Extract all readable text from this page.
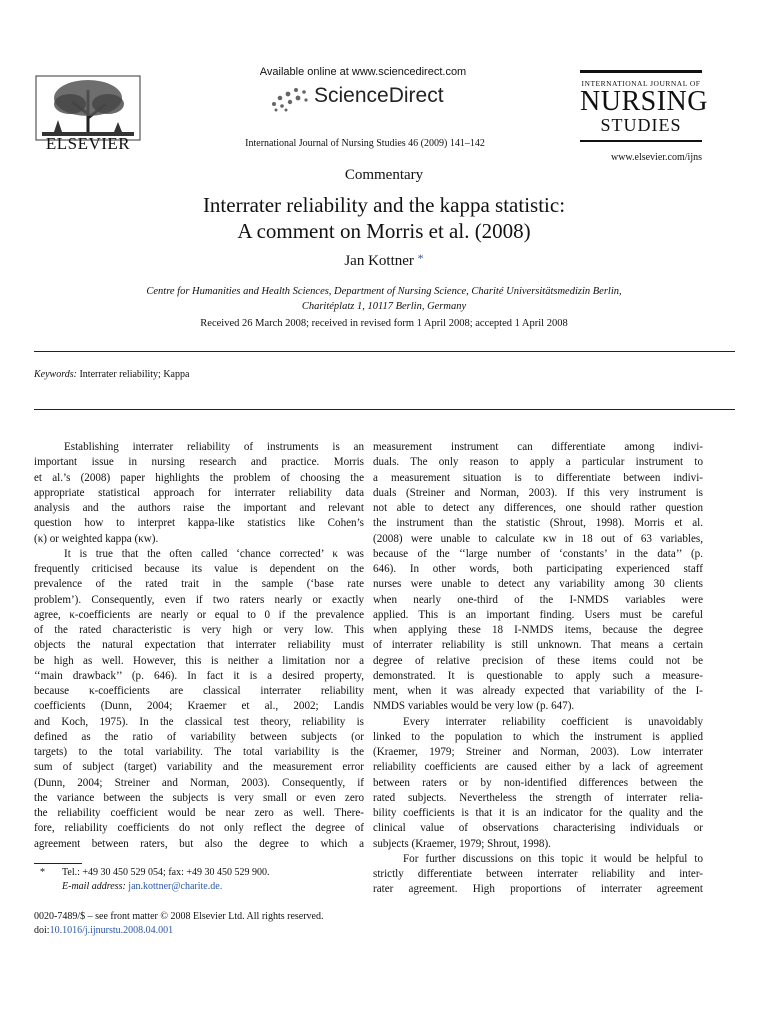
ELSEVIER
Available online at www.sciencedirect.com
ScienceDirect
International Journal of Nursing Studies 46 (2009) 141–142
INTERNATIONAL JOURNAL OF
NURSING
STUDIES
www.elsevier.com/ijns
Commentary
Interrater reliability and the kappa statistic:
A comment on Morris et al. (2008)
Jan Kottner *
Centre for Humanities and Health Sciences, Department of Nursing Science, Charité Universitätsmedizin Berlin,
Charitéplatz 1, 10117 Berlin, Germany
Received 26 March 2008; received in revised form 1 April 2008; accepted 1 April 2008
Keywords: Interrater reliability; Kappa
Establishing interrater reliability of instruments is an
important issue in nursing research and practice. Morris
et al.’s (2008) paper highlights the problem of choosing the
appropriate statistical approach for interrater reliability data
analysis and the authors raise the important and relevant
question how to interpret kappa-like statistics like Cohen’s
(κ) or weighted kappa (κw).
It is true that the often called ‘chance corrected’ κ was
frequently criticised because its value is dependent on the
prevalence of the rated trait in the sample (‘base rate
problem’). Consequently, even if two raters nearly or exactly
agree, κ-coefficients are nearly or equal to 0 if the prevalence
of the rated characteristic is very high or very low. This
objects the natural expectation that interrater reliability must
be high as well. However, this is neither a limitation nor a
‘‘main drawback’’ (p. 646). In fact it is a desired property,
because κ-coefficients are classical interrater reliability
coefficients (Dunn, 2004; Kraemer et al., 2002; Landis
and Koch, 1975). In the classical test theory, reliability is
defined as the ratio of variability between subjects (or
targets) to the total variability. The total variability is the
sum of subject (target) variability and the measurement error
(Dunn, 2004; Streiner and Norman, 2003). Consequently, if
the variance between the subjects is very small or even zero
the reliability coefficient would be near zero as well. There-
fore, reliability coefficients do not only reflect the degree of
agreement between raters, but also the degree to which a
measurement instrument can differentiate among indivi-
duals. The only reason to apply a particular instrument to
a measurement situation is to differentiate between indivi-
duals (Streiner and Norman, 2003). If this very instrument is
not able to detect any differences, one should rather question
the instrument than the statistic (Shrout, 1998). Morris et al.
(2008) were unable to calculate κw in 18 out of 63 variables,
because of the ‘‘large number of ‘constants’ in the data’’ (p.
646). In other words, both participating experienced staff
nurses were unable to detect any variability among 30 clients
when nearly one-third of the I-NMDS variables were
applied. This is an important finding. Users must be careful
when applying these 18 I-NMDS items, because the degree
of interrater reliability is still unknown. That means a certain
degree of relative precision of these items could not be
demonstrated. It is questionable to apply such a measure-
ment, when it was already expected that variability of the I-
NMDS variables would be very low (p. 647).
Every interrater reliability coefficient is unavoidably
linked to the population to which the instrument is applied
(Kraemer, 1979; Streiner and Norman, 2003). Low interrater
reliability coefficients are caused either by a lack of agreement
between raters or by non-identified differences between the
rated subjects. Nevertheless the strength of interrater relia-
bility coefficients is that it is an indicator for the quality and the
clinical value of observations characterising individuals or
subjects (Kraemer, 1979; Shrout, 1998).
For further discussions on this topic it would be helpful to
strictly differentiate between interrater reliability and inter-
rater agreement. High proportions of interrater agreement
* Tel.: +49 30 450 529 054; fax: +49 30 450 529 900.
E-mail address: jan.kottner@charite.de.
0020-7489/$ – see front matter © 2008 Elsevier Ltd. All rights reserved.
doi:10.1016/j.ijnurstu.2008.04.001
